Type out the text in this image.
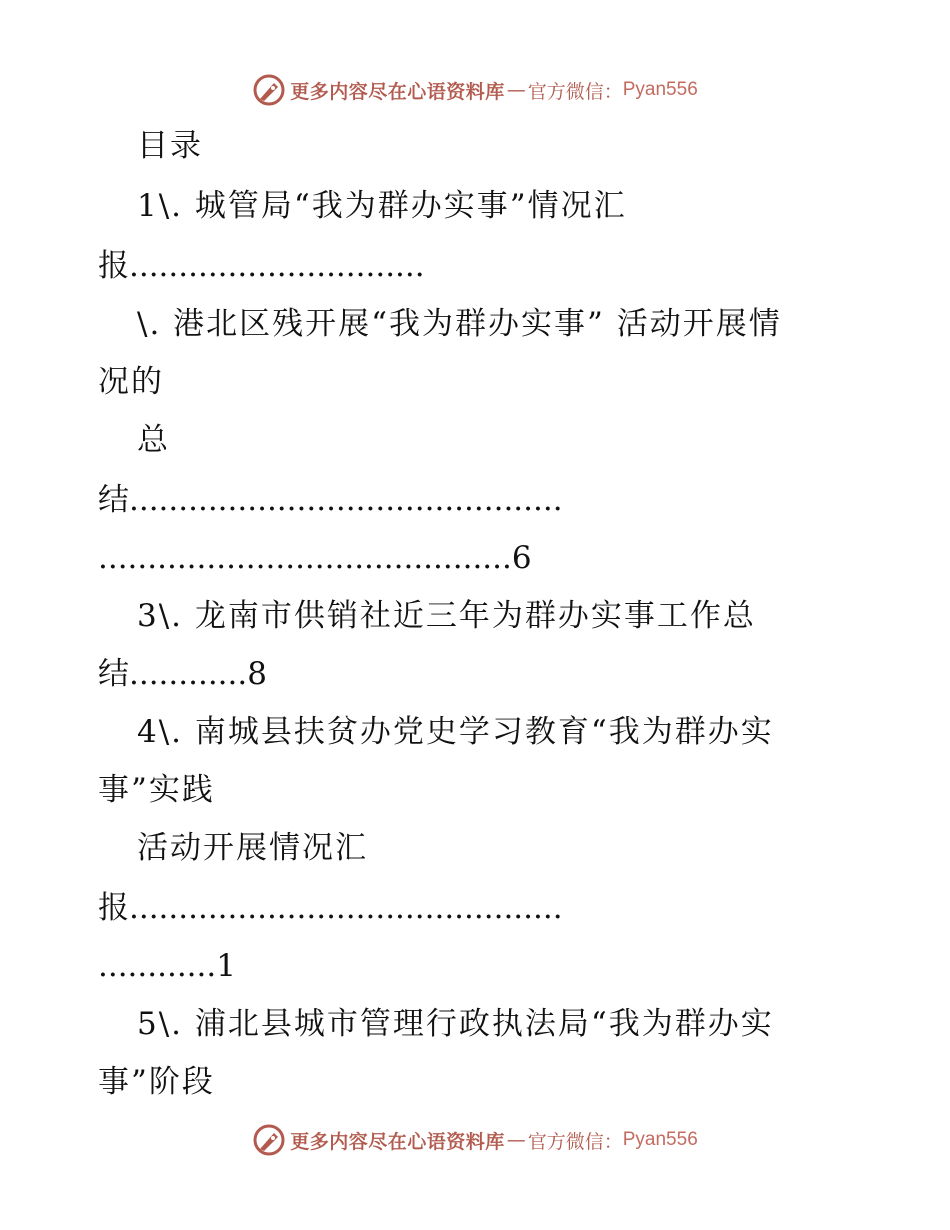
更多内容尽在心语资料库 — 官方微信： Pyan556
目录
1\. 城管局“我为群办实事”情况汇
报..............................
\. 港北区残开展“我为群办实事” 活动开展情
况的
总
结............................................
..........................................6
3\. 龙南市供销社近三年为群办实事工作总
结............8
4\. 南城县扶贫办党史学习教育“我为群办实
事”实践
活动开展情况汇
报............................................
............1
5\. 浦北县城市管理行政执法局“我为群办实
事”阶段
更多内容尽在心语资料库 — 官方微信： Pyan556
